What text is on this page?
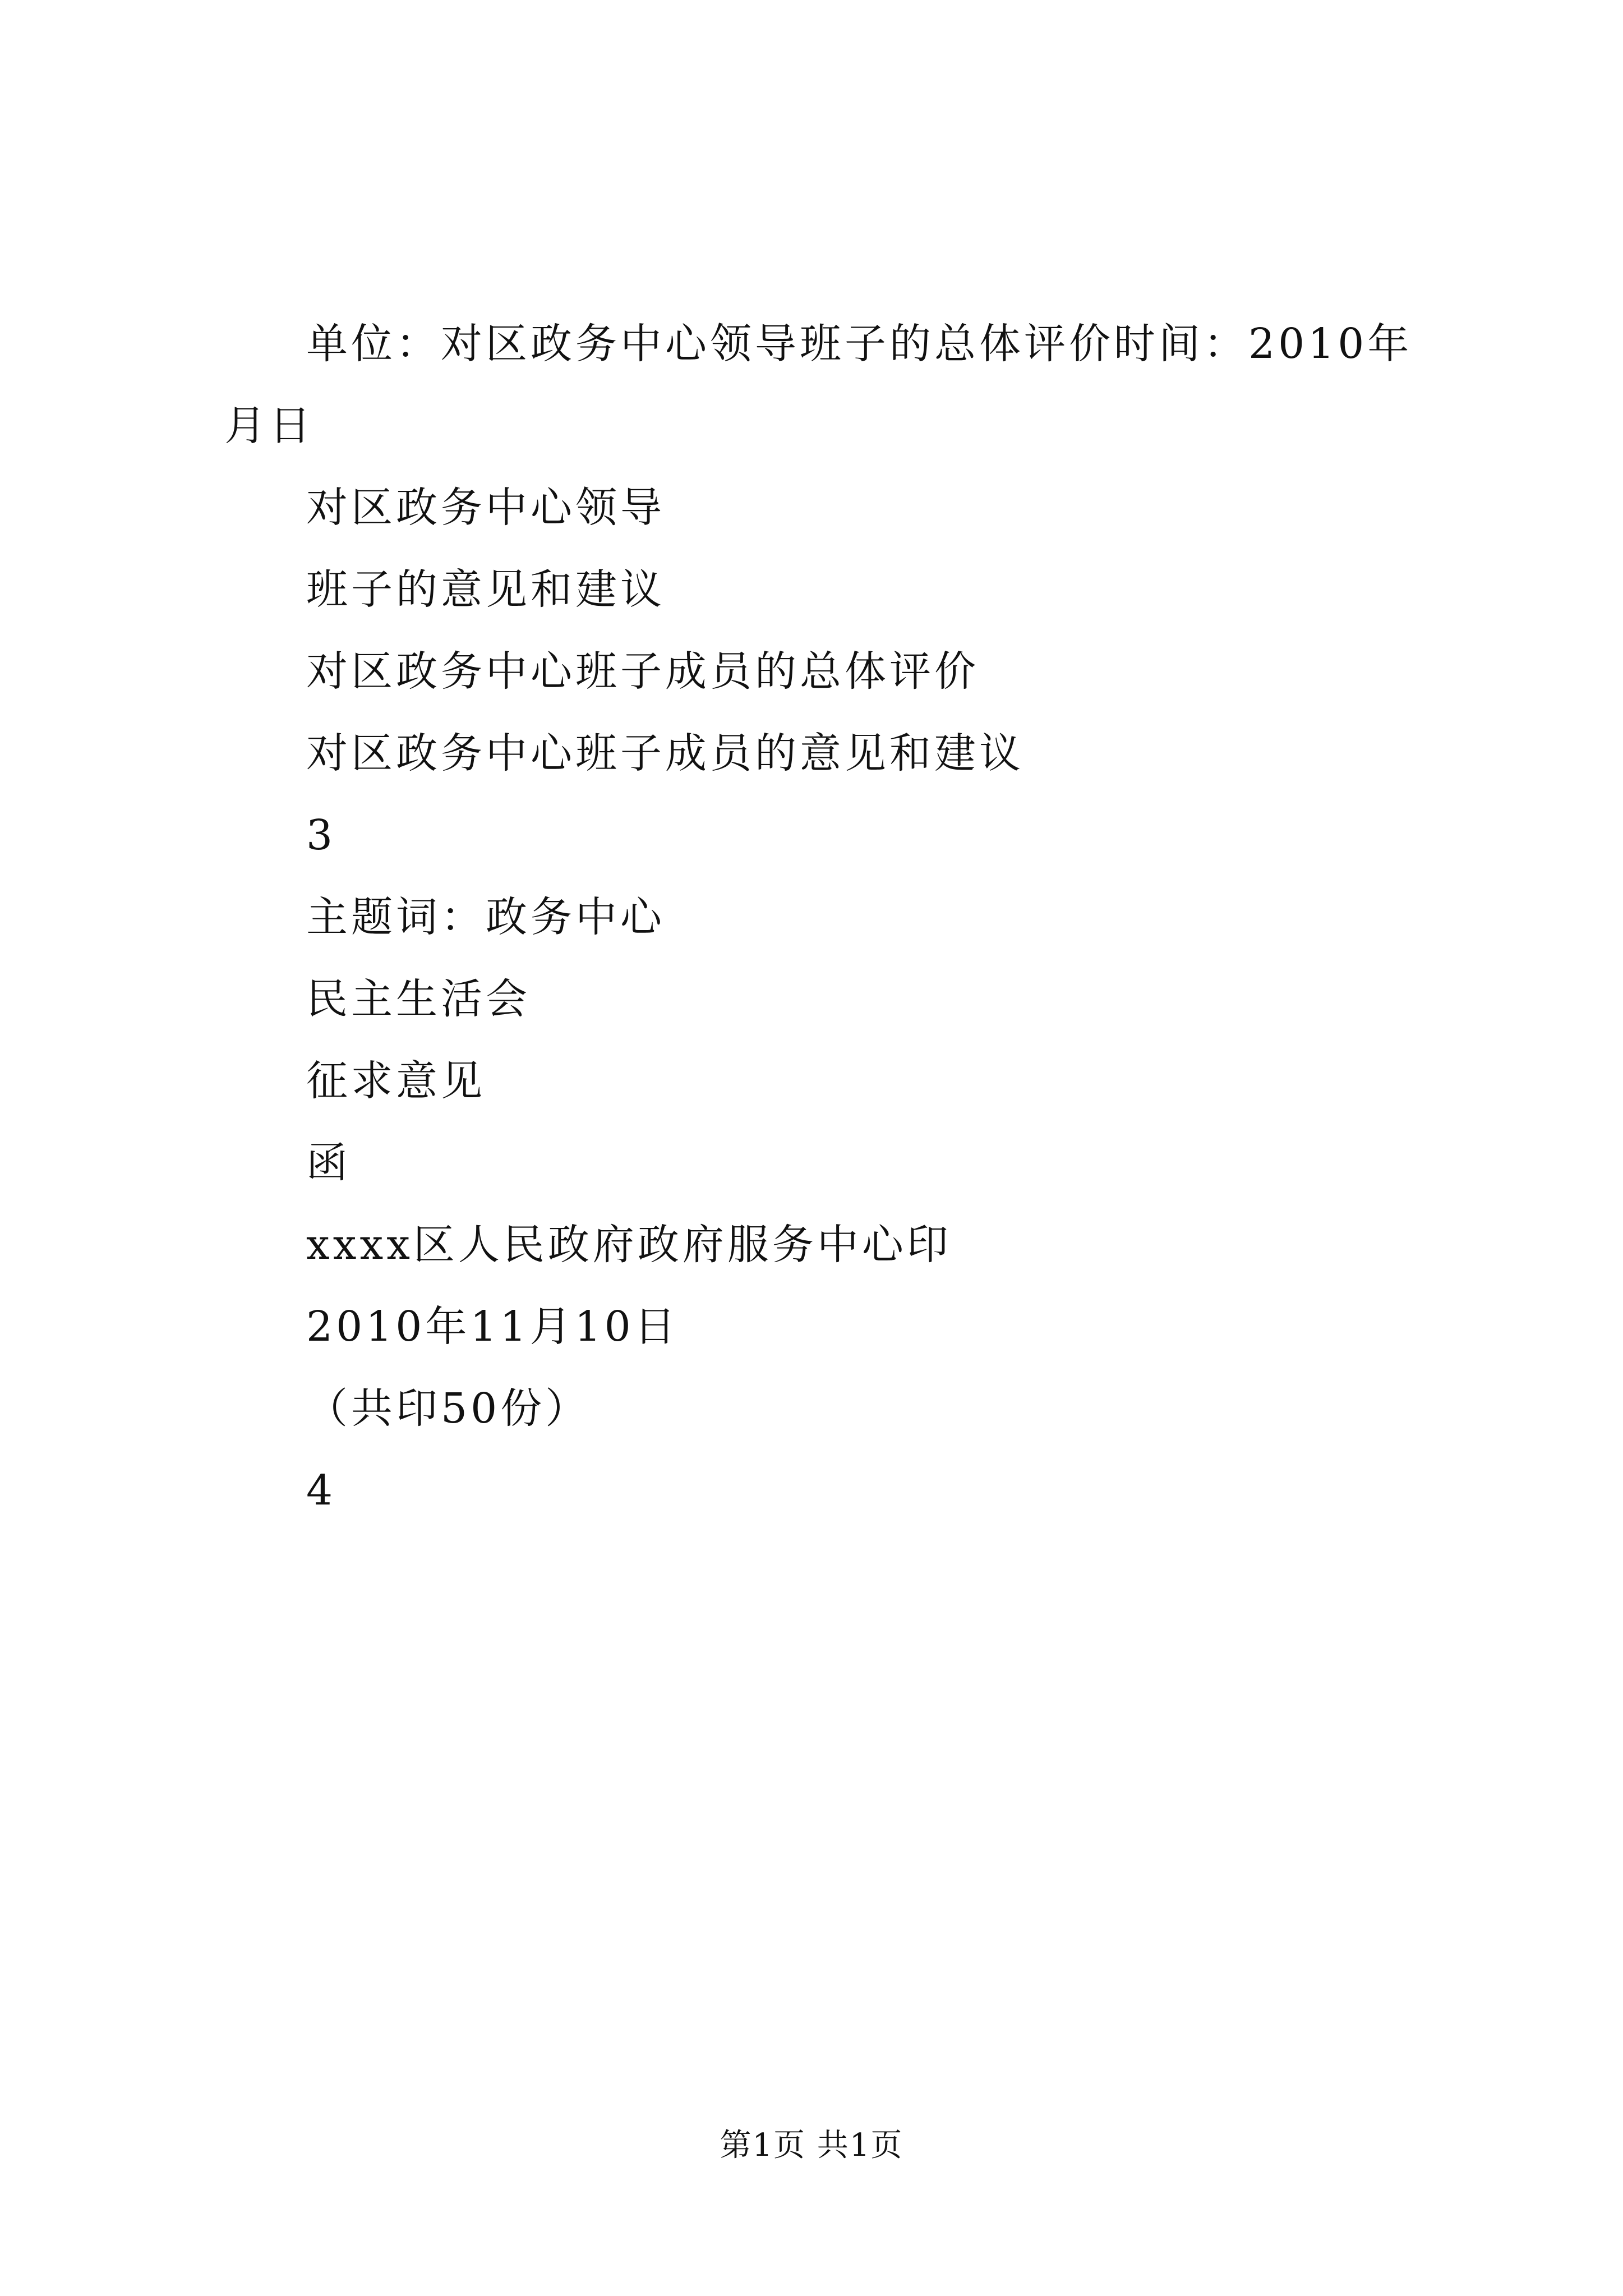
单位：对区政务中心领导班子的总体评价时间：2010年月日

对区政务中心领导

班子的意见和建议

对区政务中心班子成员的总体评价

对区政务中心班子成员的意见和建议

3

主题词：政务中心

民主生活会

征求意见

函

xxxx区人民政府政府服务中心印

2010年11月10日

（共印50份）

4

第1页 共1页
